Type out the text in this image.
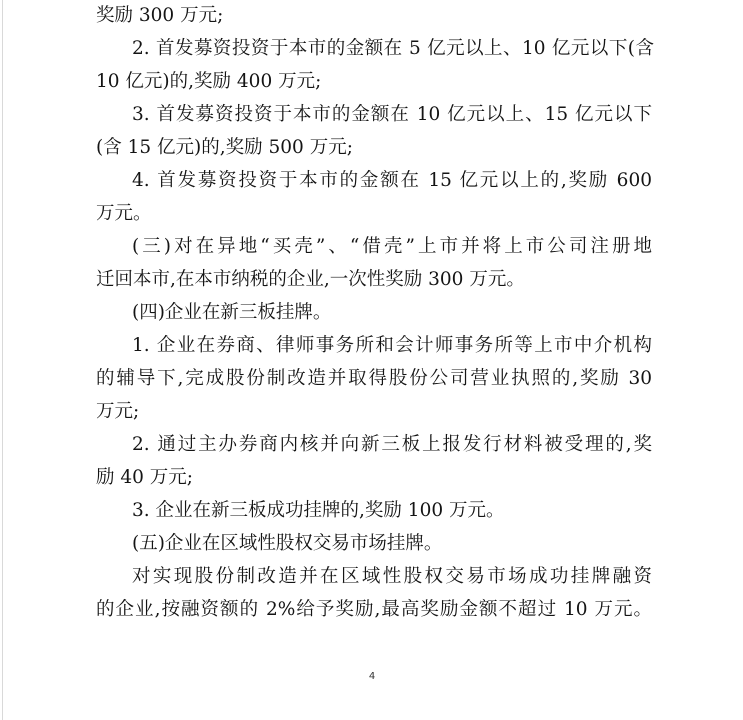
奖励 300 万元;
2. 首发募资投资于本市的金额在 5 亿元以上、10 亿元以下(含
10 亿元)的,奖励 400 万元;
3. 首发募资投资于本市的金额在 10 亿元以上、15 亿元以下
(含 15 亿元)的,奖励 500 万元;
4. 首发募资投资于本市的金额在 15 亿元以上的,奖励 600
万元。
(三)对在异地“买壳”、“借壳”上市并将上市公司注册地
迁回本市,在本市纳税的企业,一次性奖励 300 万元。
(四)企业在新三板挂牌。
1. 企业在券商、律师事务所和会计师事务所等上市中介机构
的辅导下,完成股份制改造并取得股份公司营业执照的,奖励 30
万元;
2. 通过主办券商内核并向新三板上报发行材料被受理的,奖
励 40 万元;
3. 企业在新三板成功挂牌的,奖励 100 万元。
(五)企业在区域性股权交易市场挂牌。
对实现股份制改造并在区域性股权交易市场成功挂牌融资
的企业,按融资额的 2%给予奖励,最高奖励金额不超过 10 万元。
4
